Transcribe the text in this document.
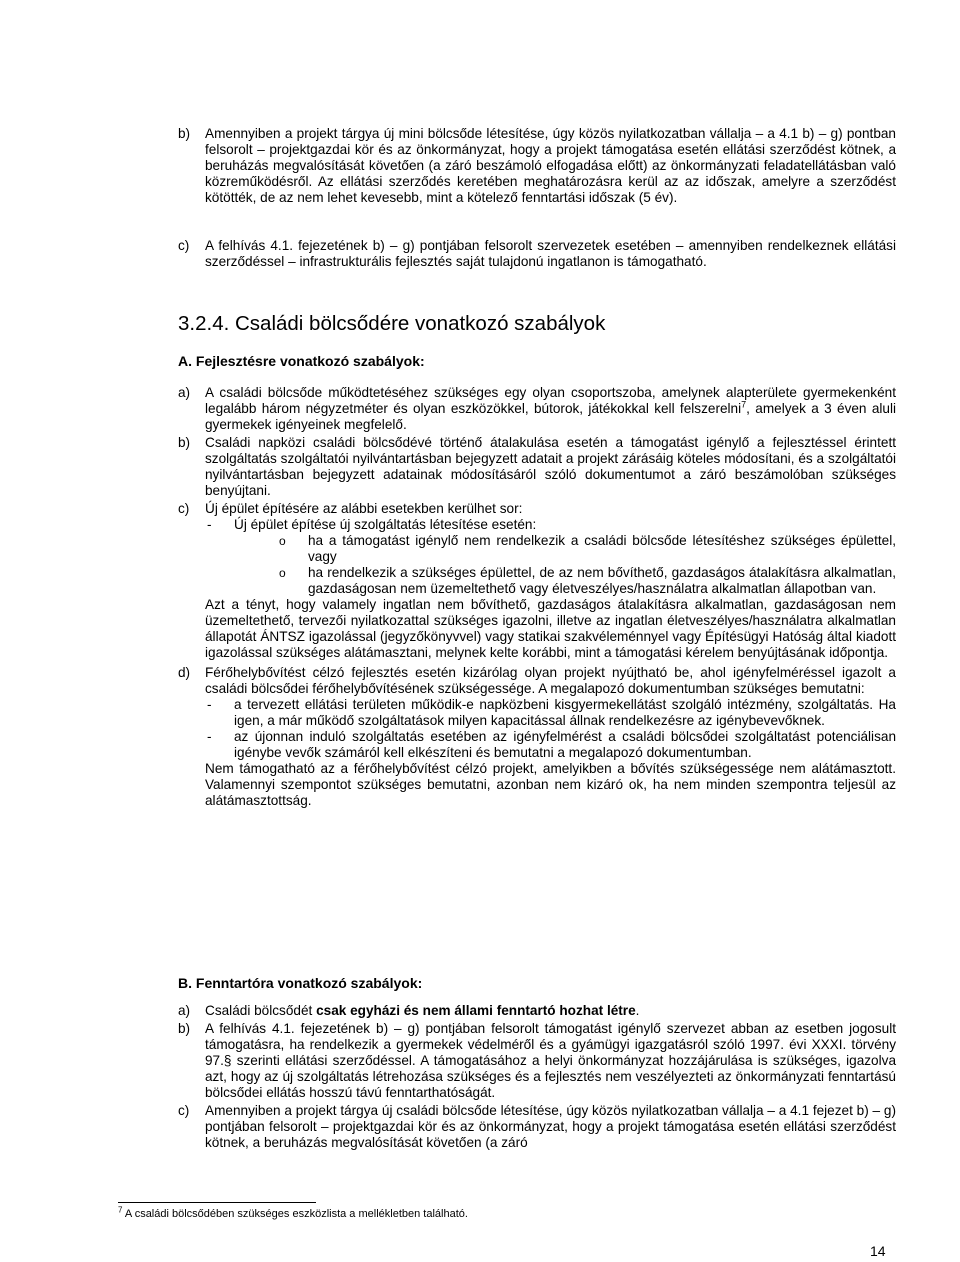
b) Amennyiben a projekt tárgya új mini bölcsőde létesítése, úgy közös nyilatkozatban vállalja – a 4.1 b) – g) pontban felsorolt – projektgazdai kör és az önkormányzat, hogy a projekt támogatása esetén ellátási szerződést kötnek, a beruházás megvalósítását követően (a záró beszámoló elfogadása előtt) az önkormányzati feladatellátásban való közreműködésről. Az ellátási szerződés keretében meghatározásra kerül az az időszak, amelyre a szerződést kötötték, de az nem lehet kevesebb, mint a kötelező fenntartási időszak (5 év).
c) A felhívás 4.1. fejezetének b) – g) pontjában felsorolt szervezetek esetében – amennyiben rendelkeznek ellátási szerződéssel – infrastrukturális fejlesztés saját tulajdonú ingatlanon is támogatható.
3.2.4. Családi bölcsődére vonatkozó szabályok
A. Fejlesztésre vonatkozó szabályok:
a) A családi bölcsőde működtetéséhez szükséges egy olyan csoportszoba, amelynek alapterülete gyermekenként legalább három négyzetméter és olyan eszközökkel, bútorok, játékokkal kell felszerelni$^7$, amelyek a 3 éven aluli gyermekek igényeinek megfelelő.
b) Családi napközi családi bölcsődévé történő átalakulása esetén a támogatást igénylő a fejlesztéssel érintett szolgáltatás szolgáltatói nyilvántartásban bejegyzett adatait a projekt zárásáig köteles módosítani, és a szolgáltatói nyilvántartásban bejegyzett adatainak módosításáról szóló dokumentumot a záró beszámolóban szükséges benyújtani.
c) Új épület építésére az alábbi esetekben kerülhet sor:

- Új épület építése új szolgáltatás létesítése esetén:
o ha a támogatást igénylő nem rendelkezik a családi bölcsőde létesítéshez szükséges épülettel, vagy
o ha rendelkezik a szükséges épülettel, de az nem bővíthető, gazdaságos átalakításra alkalmatlan, gazdaságosan nem üzemeltethető vagy életveszélyes/használatra alkalmatlan állapotban van.

Azt a tényt, hogy valamely ingatlan nem bővíthető, gazdaságos átalakításra alkalmatlan, gazdaságosan nem üzemeltethető, tervezői nyilatkozattal szükséges igazolni, illetve az ingatlan életveszélyes/használatra alkalmatlan állapotát ÁNTSZ igazolással (jegyzőkönyvvel) vagy statikai szakvéleménnyel vagy Építésügyi Hatóság által kiadott igazolással szükséges alátámasztani, melynek kelte korábbi, mint a támogatási kérelem benyújtásának időpontja.

d) Férőhelybővítést célzó fejlesztés esetén kizárólag olyan projekt nyújtható be, ahol igényfelméréssel igazolt a családi bölcsődei férőhelybővítésének szükségessége. A megalapozó dokumentumban szükséges bemutatni:

- a tervezett ellátási területen működik-e napközbeni kisgyermekellátást szolgáló intézmény, szolgáltatás. Ha igen, a már működő szolgáltatások milyen kapacitással állnak rendelkezésre az igénybevevőknek.
- az újonnan induló szolgáltatás esetében az igényfelmérést a családi bölcsődei szolgáltatást potenciálisan igénybe vevők számáról kell elkészíteni és bemutatni a megalapozó dokumentumban.

Nem támogatható az a férőhelybővítést célzó projekt, amelyikben a bővítés szükségessége nem alátámasztott. Valamennyi szempontot szükséges bemutatni, azonban nem kizáró ok, ha nem minden szempontra teljesül az alátámasztottság.

B. Fenntartóra vonatkozó szabályok:
a) Családi bölcsődét csak egyházi és nem állami fenntartó hozhat létre.
b) A felhívás 4.1. fejezetének b) – g) pontjában felsorolt támogatást igénylő szervezet abban az esetben jogosult támogatásra, ha rendelkezik a gyermekek védelméről és a gyámügyi igazgatásról szóló 1997. évi XXXI. törvény 97.§ szerinti ellátási szerződéssel. A támogatásához a helyi önkormányzat hozzájárulása is szükséges, igazolva azt, hogy az új szolgáltatás létrehozása szükséges és a fejlesztés nem veszélyezteti az önkormányzati fenntartású bölcsődei ellátás hosszú távú fenntarthatóságát.
c) Amennyiben a projekt tárgya új családi bölcsőde létesítése, úgy közös nyilatkozatban vállalja – a 4.1 fejezet b) – g) pontjában felsorolt – projektgazdai kör és az önkormányzat, hogy a projekt támogatása esetén ellátási szerződést kötnek, a beruházás megvalósítását követően (a záró
$^7$ A családi bölcsődében szükséges eszközlista a mellékletben található.
14
